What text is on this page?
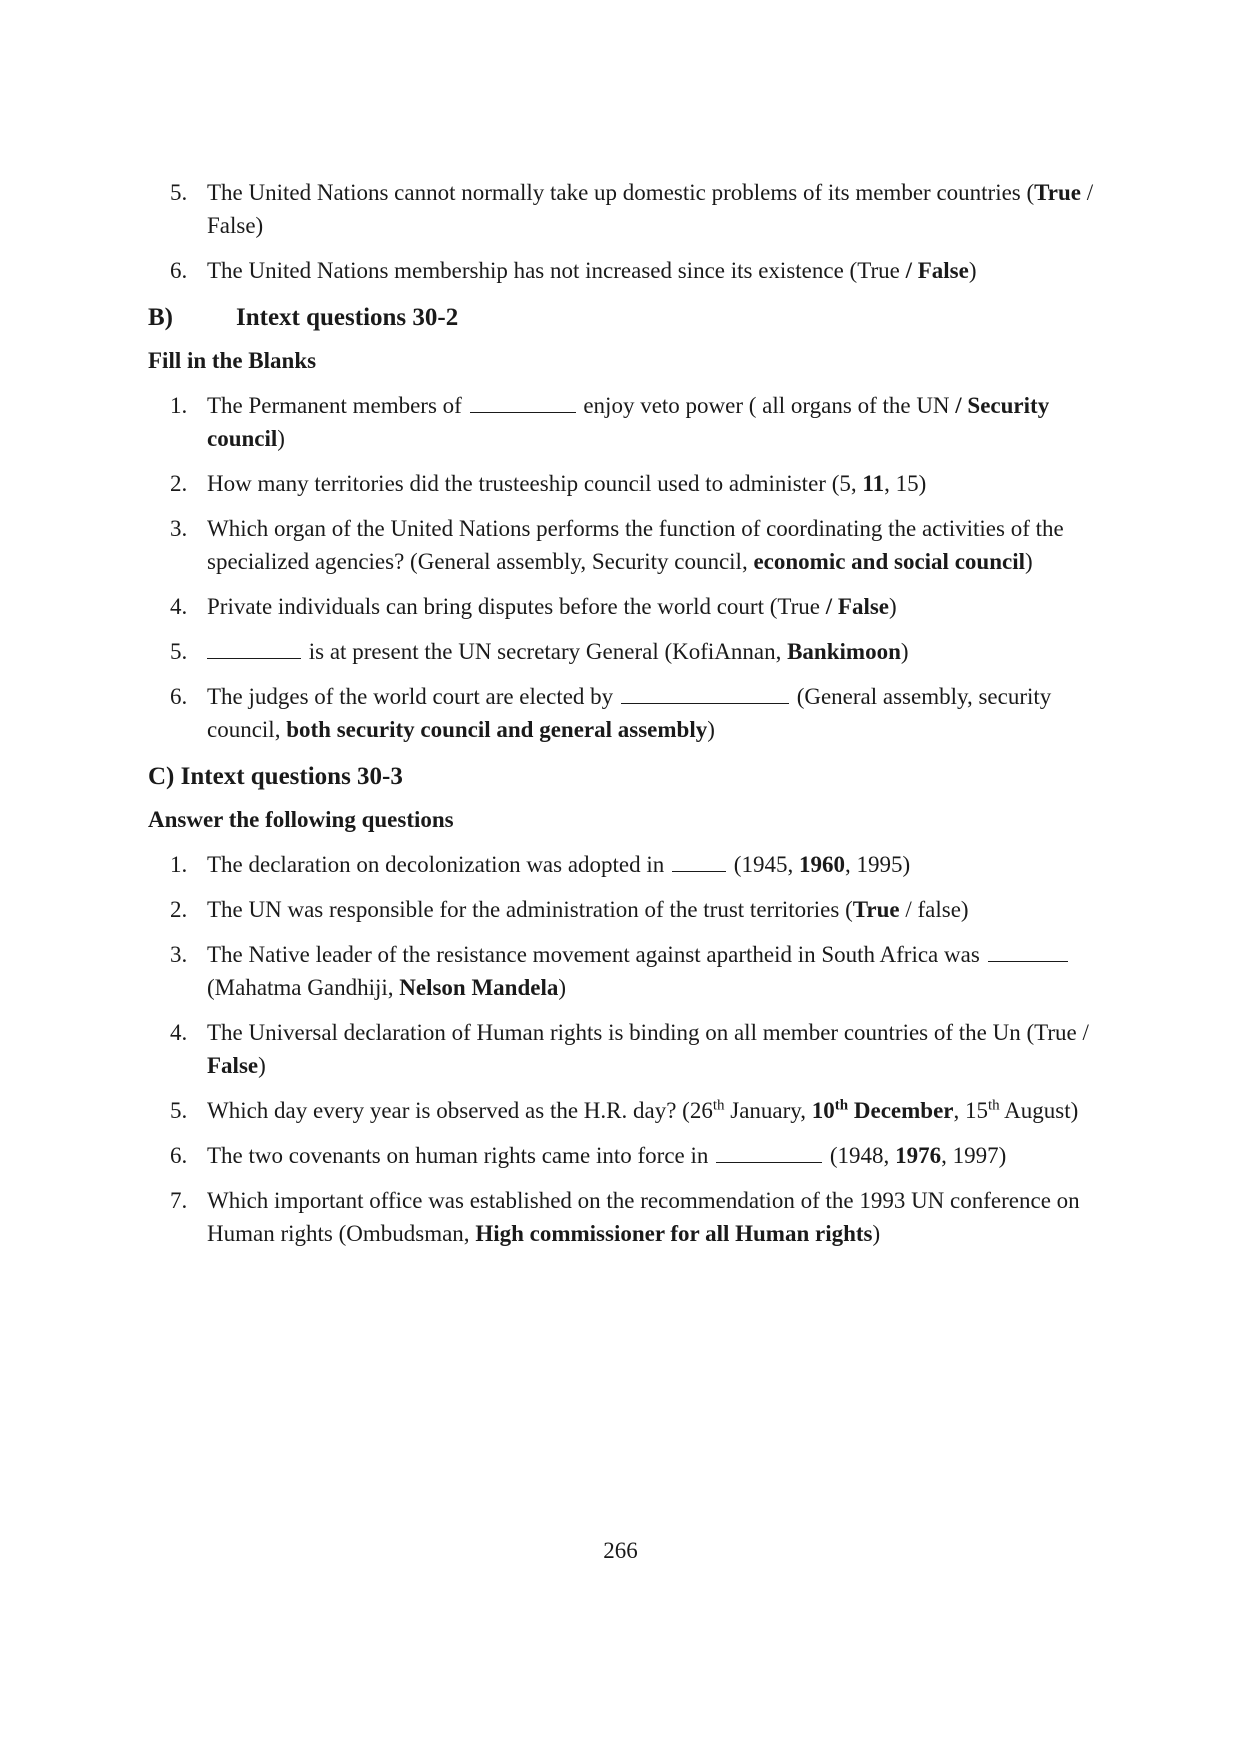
5. The United Nations cannot normally take up domestic problems of its member countries (True / False)
6. The United Nations membership has not increased since its existence (True / False)
B)	Intext questions 30-2
Fill in the Blanks
1. The Permanent members of	enjoy veto power ( all organs of the UN / Security council)
2. How many territories did the trusteeship council used to administer (5, 11, 15)
3. Which organ of the United Nations performs the function of coordinating the activities of the specialized agencies? (General assembly, Security council, economic and social council)
4. Private individuals can bring disputes before the world court (True / False)
5.	is at present the UN secretary General (KofiAnnan, Bankimoon)
6. The judges of the world court are elected by	(General assembly, security council, both security council and general assembly)
C)
Intext questions 30-3
Answer the following questions
1. The declaration on decolonization was adopted in	(1945, 1960, 1995)
2. The UN was responsible for the administration of the trust territories (True / false)
3. The Native leader of the resistance movement against apartheid in South Africa was  (Mahatma Gandhiji, Nelson Mandela)
4. The Universal declaration of Human rights is binding on all member countries of the Un (True / False)
5. Which day every year is observed as the H.R. day? (26th January, 10th December, 15th August)
6. The two covenants on human rights came into force in	(1948, 1976, 1997)
7. Which important office was established on the recommendation of the 1993 UN conference on Human rights (Ombudsman, High commissioner for all Human rights)
266
